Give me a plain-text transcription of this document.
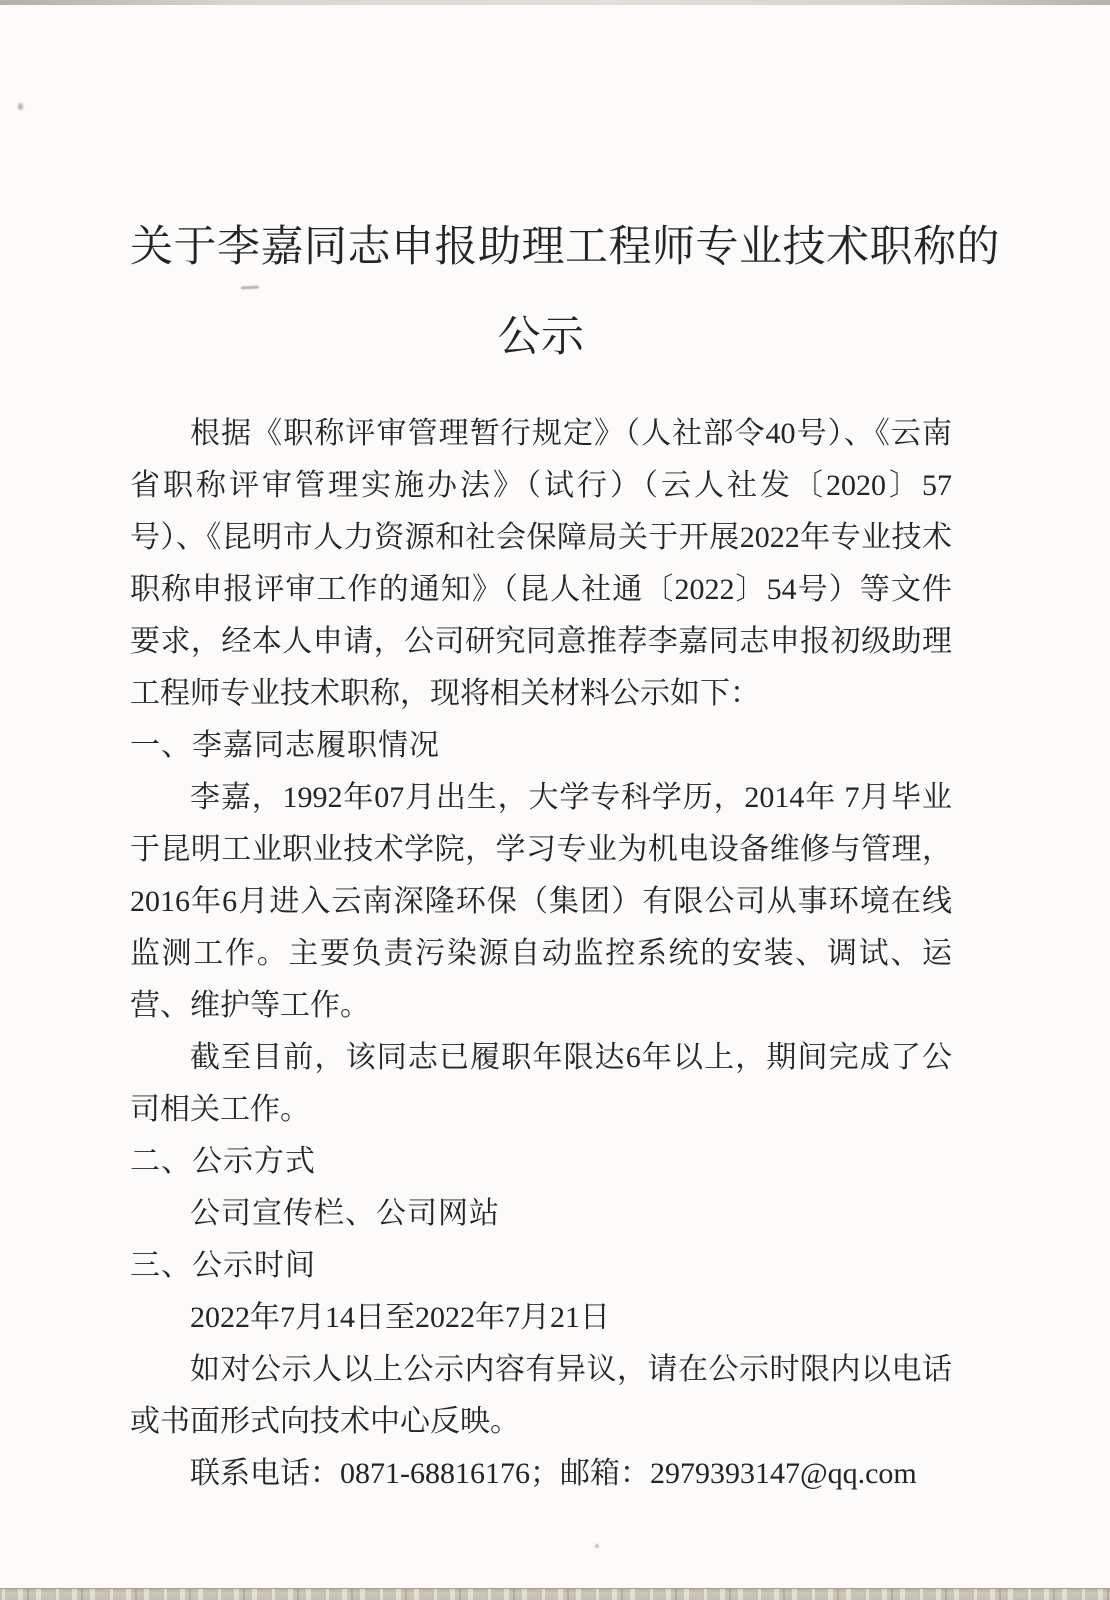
关于李嘉同志申报助理工程师专业技术职称的
公示

根据《职称评审管理暂行规定》（人社部令40号）、《云南省职称评审管理实施办法》（试行）（云人社发〔2020〕57号）、《昆明市人力资源和社会保障局关于开展2022年专业技术职称申报评审工作的通知》（昆人社通〔2022〕54号）等文件要求，经本人申请，公司研究同意推荐李嘉同志申报初级助理工程师专业技术职称，现将相关材料公示如下：

一、李嘉同志履职情况

李嘉，1992年07月出生，大学专科学历，2014年 7月毕业于昆明工业职业技术学院，学习专业为机电设备维修与管理，2016年6月进入云南深隆环保（集团）有限公司从事环境在线监测工作。主要负责污染源自动监控系统的安装、调试、运营、维护等工作。

截至目前，该同志已履职年限达6年以上，期间完成了公司相关工作。

二、公示方式

公司宣传栏、公司网站

三、公示时间

2022年7月14日至2022年7月21日

如对公示人以上公示内容有异议，请在公示时限内以电话或书面形式向技术中心反映。

联系电话：0871-68816176；邮箱：2979393147@qq.com
